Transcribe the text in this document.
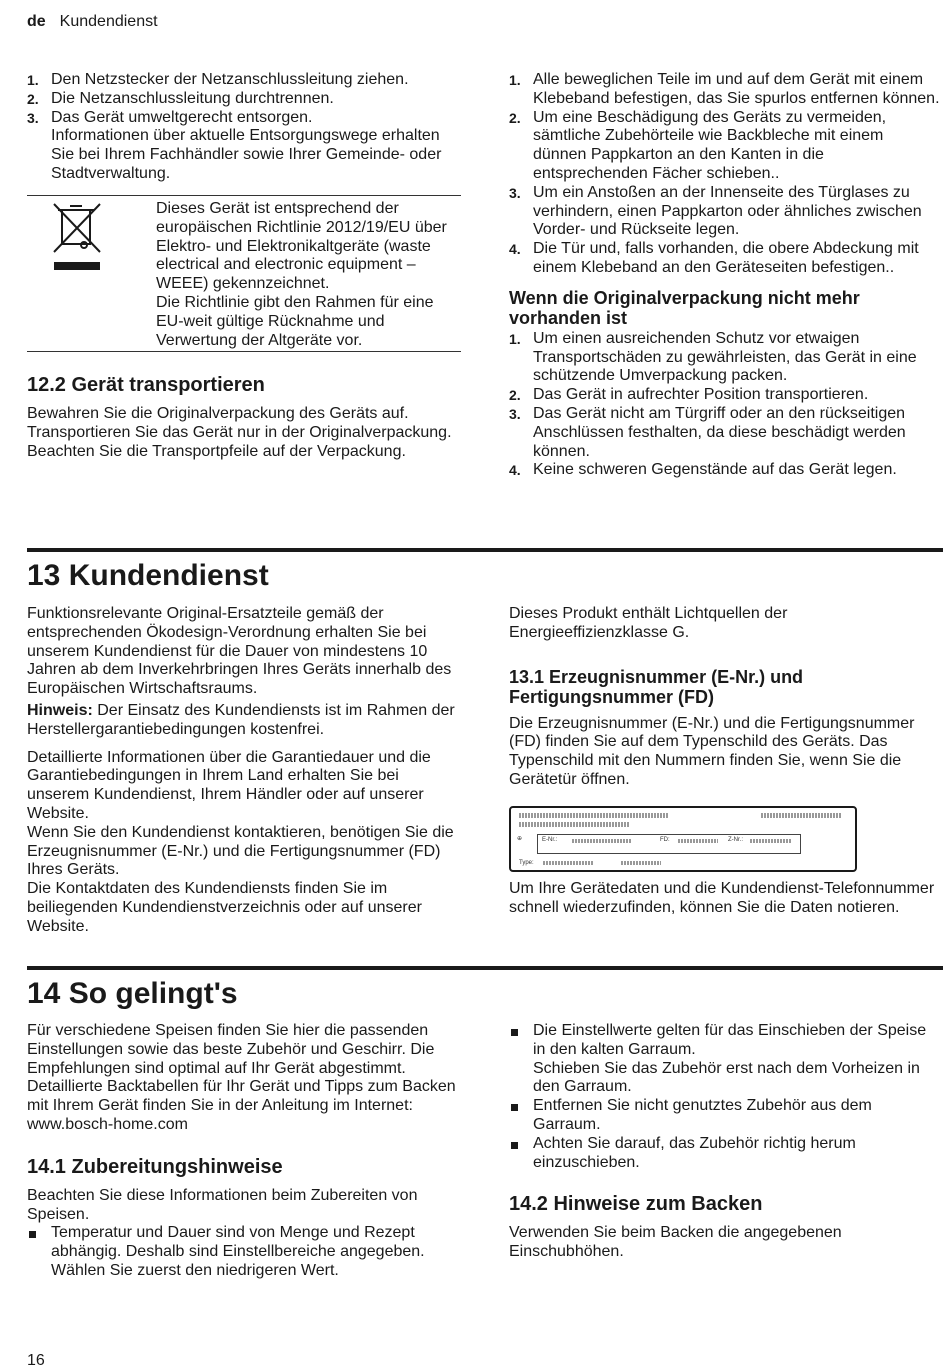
de Kundendienst
1. Den Netzstecker der Netzanschlussleitung ziehen.
2. Die Netzanschlussleitung durchtrennen.
3. Das Gerät umweltgerecht entsorgen.

Informationen über aktuelle Entsorgungswege erhalten Sie bei Ihrem Fachhändler sowie Ihrer Gemeinde- oder Stadtverwaltung.

Dieses Gerät ist entsprechend der europäischen Richtlinie 2012/19/EU über Elektro- und Elektronikaltgeräte (waste electrical and electronic equipment – WEEE) gekennzeichnet.

Die Richtlinie gibt den Rahmen für eine EU-weit gültige Rücknahme und Verwertung der Altgeräte vor.

12.2 Gerät transportieren

Bewahren Sie die Originalverpackung des Geräts auf. Transportieren Sie das Gerät nur in der Originalverpackung. Beachten Sie die Transportpfeile auf der Verpackung.

1. Alle beweglichen Teile im und auf dem Gerät mit einem Klebeband befestigen, das Sie spurlos entfernen können.
2. Um eine Beschädigung des Geräts zu vermeiden, sämtliche Zubehörteile wie Backbleche mit einem dünnen Pappkarton an den Kanten in die entsprechenden Fächer schieben..
3. Um ein Anstoßen an der Innenseite des Türglases zu verhindern, einen Pappkarton oder ähnliches zwischen Vorder- und Rückseite legen.
4. Die Tür und, falls vorhanden, die obere Abdeckung mit einem Klebeband an den Geräteseiten befestigen..
Wenn die Originalverpackung nicht mehr vorhanden ist
1. Um einen ausreichenden Schutz vor etwaigen Transportschäden zu gewährleisten, das Gerät in eine schützende Umverpackung packen.
2. Das Gerät in aufrechter Position transportieren.
3. Das Gerät nicht am Türgriff oder an den rückseitigen Anschlüssen festhalten, da diese beschädigt werden können.
4. Keine schweren Gegenstände auf das Gerät legen.
13 Kundendienst

Funktionsrelevante Original-Ersatzteile gemäß der entsprechenden Ökodesign-Verordnung erhalten Sie bei unserem Kundendienst für die Dauer von mindestens 10 Jahren ab dem Inverkehrbringen Ihres Geräts innerhalb des Europäischen Wirtschaftsraums.

Hinweis: Der Einsatz des Kundendiensts ist im Rahmen der Herstellergarantiebedingungen kostenfrei.

Detaillierte Informationen über die Garantiedauer und die Garantiebedingungen in Ihrem Land erhalten Sie bei unserem Kundendienst, Ihrem Händler oder auf unserer Website.

Wenn Sie den Kundendienst kontaktieren, benötigen Sie die Erzeugnisnummer (E-Nr.) und die Fertigungsnummer (FD) Ihres Geräts.

Die Kontaktdaten des Kundendiensts finden Sie im beiliegenden Kundendienstverzeichnis oder auf unserer Website.

Dieses Produkt enthält Lichtquellen der Energieeffizienzklasse G.

13.1 Erzeugnisnummer (E-Nr.) und Fertigungsnummer (FD)

Die Erzeugnisnummer (E-Nr.) und die Fertigungsnummer (FD) finden Sie auf dem Typenschild des Geräts. Das Typenschild mit den Nummern finden Sie, wenn Sie die Gerätetür öffnen.

⊕	E-Nr.:	FD:	Z-Nr.:
Type:

Um Ihre Gerätedaten und die Kundendienst-Telefonnummer schnell wiederzufinden, können Sie die Daten notieren.

14 So gelingt's

Für verschiedene Speisen finden Sie hier die passenden Einstellungen sowie das beste Zubehör und Geschirr. Die Empfehlungen sind optimal auf Ihr Gerät abgestimmt.

Detaillierte Backtabellen für Ihr Gerät und Tipps zum Backen mit Ihrem Gerät finden Sie in der Anleitung im Internet:

www.bosch-home.com

14.1 Zubereitungshinweise

Beachten Sie diese Informationen beim Zubereiten von Speisen.

Temperatur und Dauer sind von Menge und Rezept abhängig. Deshalb sind Einstellbereiche angegeben. Wählen Sie zuerst den niedrigeren Wert.
Die Einstellwerte gelten für das Einschieben der Speise in den kalten Garraum.
Schieben Sie das Zubehör erst nach dem Vorheizen in den Garraum.
Entfernen Sie nicht genutztes Zubehör aus dem Garraum.
Achten Sie darauf, das Zubehör richtig herum einzuschieben.
14.2 Hinweise zum Backen

Verwenden Sie beim Backen die angegebenen Einschubhöhen.

16
